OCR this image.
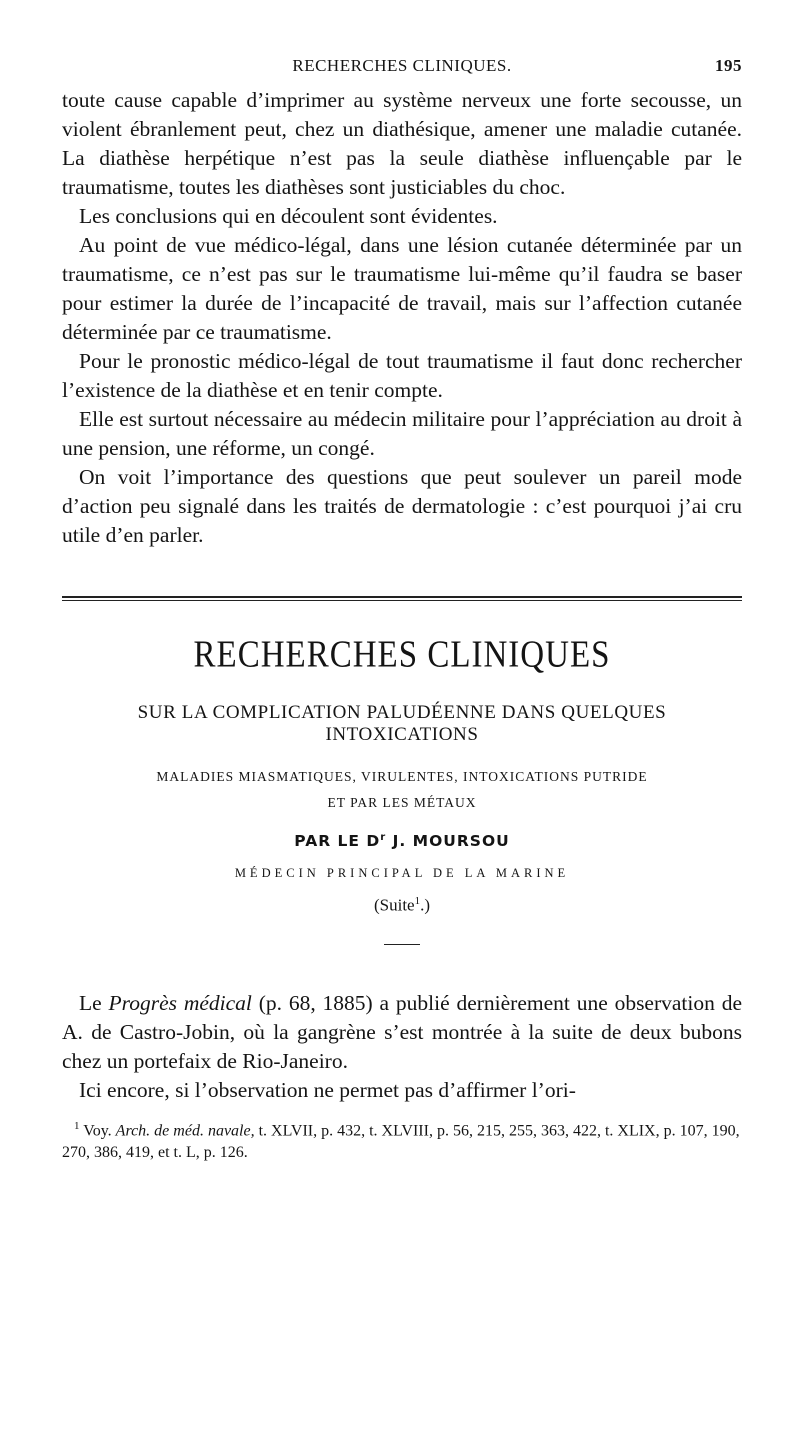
RECHERCHES CLINIQUES.	195

toute cause capable d’imprimer au système nerveux une forte secousse, un violent ébranlement peut, chez un diathésique, amener une maladie cutanée. La diathèse herpétique n’est pas la seule diathèse influençable par le traumatisme, toutes les diathèses sont justiciables du choc.

Les conclusions qui en découlent sont évidentes.

Au point de vue médico-légal, dans une lésion cutanée déterminée par un traumatisme, ce n’est pas sur le traumatisme lui-même qu’il faudra se baser pour estimer la durée de l’incapacité de travail, mais sur l’affection cutanée déterminée par ce traumatisme.

Pour le pronostic médico-légal de tout traumatisme il faut donc rechercher l’existence de la diathèse et en tenir compte.

Elle est surtout nécessaire au médecin militaire pour l’appréciation au droit à une pension, une réforme, un congé.

On voit l’importance des questions que peut soulever un pareil mode d’action peu signalé dans les traités de dermatologie : c’est pourquoi j’ai cru utile d’en parler.

RECHERCHES CLINIQUES
SUR LA COMPLICATION PALUDÉENNE DANS QUELQUES INTOXICATIONS
MALADIES MIASMATIQUES, VIRULENTES, INTOXICATIONS PUTRIDE
ET PAR LES MÉTAUX
PAR LE $D^r$ J. MOURSOU
MÉDECIN PRINCIPAL DE LA MARINE
(Suite$^1$.)

Le Progrès médical (p. 68, 1885) a publié dernièrement une observation de A. de Castro-Jobin, où la gangrène s’est montrée à la suite de deux bubons chez un portefaix de Rio-Janeiro.

Ici encore, si l’observation ne permet pas d’affirmer l’ori-

$^1$ Voy. Arch. de méd. navale, t. XLVII, p. 432, t. XLVIII, p. 56, 215, 255, 363, 422, t. XLIX, p. 107, 190, 270, 386, 419, et t. L, p. 126.
